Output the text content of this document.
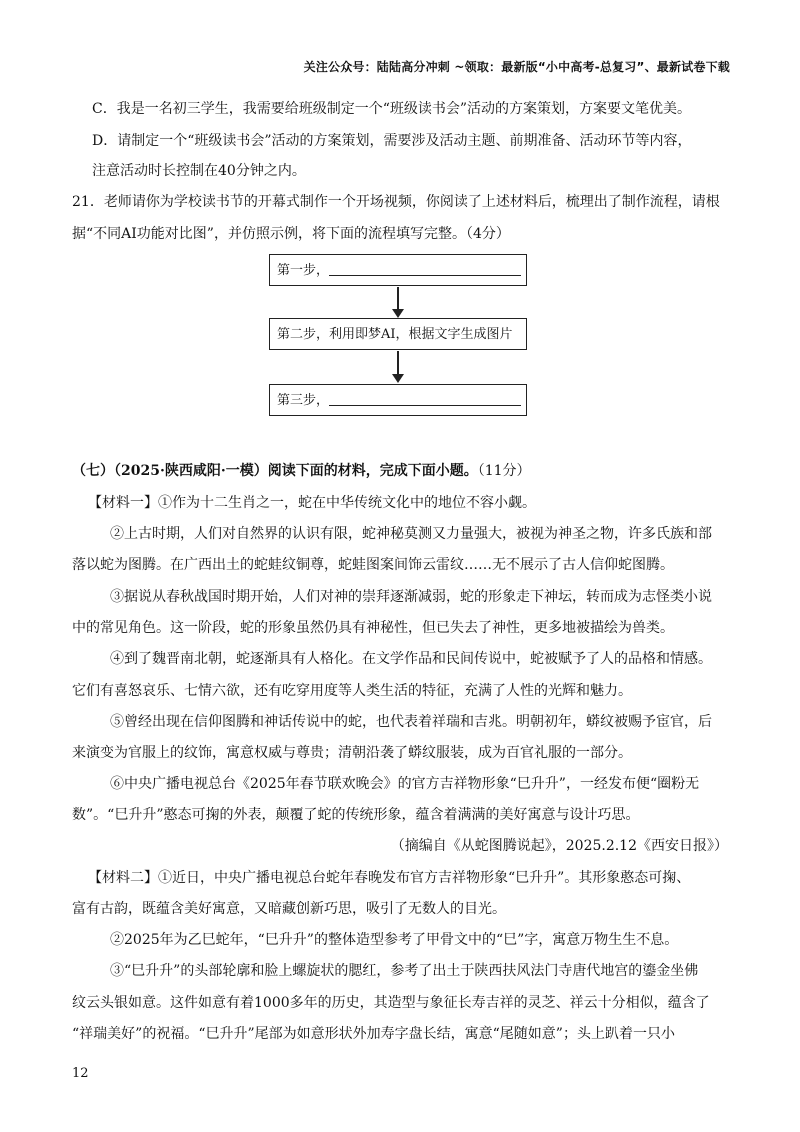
关注公众号：陆陆高分冲刺 ~领取：最新版“小中高考-总复习”、最新试卷下载
C．我是一名初三学生，我需要给班级制定一个“班级读书会”活动的方案策划，方案要文笔优美。
D．请制定一个“班级读书会”活动的方案策划，需要涉及活动主题、前期准备、活动环节等内容，
注意活动时长控制在40分钟之内。
21．老师请你为学校读书节的开幕式制作一个开场视频，你阅读了上述材料后，梳理出了制作流程，请根
据“不同AI功能对比图”，并仿照示例，将下面的流程填写完整。（4分）
第一步，
第二步，利用即梦AI，根据文字生成图片
第三步，
（七）（2025·陕西咸阳·一模）阅读下面的材料，完成下面小题。（11分）
【材料一】①作为十二生肖之一，蛇在中华传统文化中的地位不容小觑。
②上古时期，人们对自然界的认识有限，蛇神秘莫测又力量强大，被视为神圣之物，许多氏族和部
落以蛇为图腾。在广西出土的蛇蛙纹铜尊，蛇蛙图案间饰云雷纹……无不展示了古人信仰蛇图腾。
③据说从春秋战国时期开始，人们对神的崇拜逐渐减弱，蛇的形象走下神坛，转而成为志怪类小说
中的常见角色。这一阶段，蛇的形象虽然仍具有神秘性，但已失去了神性，更多地被描绘为兽类。
④到了魏晋南北朝，蛇逐渐具有人格化。在文学作品和民间传说中，蛇被赋予了人的品格和情感。
它们有喜怒哀乐、七情六欲，还有吃穿用度等人类生活的特征，充满了人性的光辉和魅力。
⑤曾经出现在信仰图腾和神话传说中的蛇，也代表着祥瑞和吉兆。明朝初年，蟒纹被赐予宦官，后
来演变为官服上的纹饰，寓意权威与尊贵；清朝沿袭了蟒纹服装，成为百官礼服的一部分。
⑥中央广播电视总台《2025年春节联欢晚会》的官方吉祥物形象“巳升升”，一经发布便“圈粉无
数”。“巳升升”憨态可掬的外表，颠覆了蛇的传统形象，蕴含着满满的美好寓意与设计巧思。
（摘编自《从蛇图腾说起》，2025.2.12《西安日报》）
【材料二】①近日，中央广播电视总台蛇年春晚发布官方吉祥物形象“巳升升”。其形象憨态可掬、
富有古韵，既蕴含美好寓意，又暗藏创新巧思，吸引了无数人的目光。
②2025年为乙巳蛇年，“巳升升”的整体造型参考了甲骨文中的“巳”字，寓意万物生生不息。
③“巳升升”的头部轮廓和脸上螺旋状的腮红，参考了出土于陕西扶风法门寺唐代地宫的鎏金坐佛
纹云头银如意。这件如意有着1000多年的历史，其造型与象征长寿吉祥的灵芝、祥云十分相似，蕴含了
“祥瑞美好”的祝福。“巳升升”尾部为如意形状外加寿字盘长结，寓意“尾随如意”；头上趴着一只小
12
